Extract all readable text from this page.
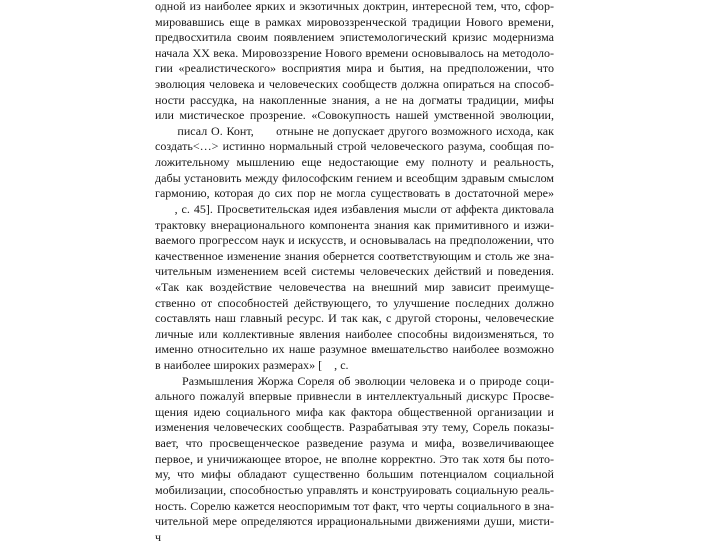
одной из наиболее ярких и экзотичных доктрин, интересной тем, что, сфор-
мировавшись еще в рамках мировоззренческой традиции Нового времени,
предвосхитила своим появлением эпистемологический кризис модернизма
начала XX века. Мировоззрение Нового времени основывалось на методоло-
гии «реалистического» восприятия мира и бытия, на предположении, что
эволюция человека и человеческих сообществ должна опираться на способ-
ности рассудка, на накопленные знания, а не на догматы традиции, мифы
или мистическое прозрение. «Совокупность нашей умственной эволюции,
писал О. Конт,      отныне не допускает другого возможного исхода, как
создать<…> истинно нормальный строй человеческого разума, сообщая по-
ложительному мышлению еще недостающие ему полноту и реальность,
дабы установить между философским гением и всеобщим здравым смыслом
гармонию, которая до сих пор не могла существовать в достаточной мере»
, с. 45]. Просветительская идея избавления мысли от аффекта диктовала
трактовку внерационального компонента знания как примитивного и изжи-
ваемого прогрессом наук и искусств, и основывалась на предположении, что
качественное изменение знания обернется соответствующим и столь же зна-
чительным изменением всей системы человеческих действий и поведения.
«Так как воздействие человечества на внешний мир зависит преимуще-
ственно от способностей действующего, то улучшение последних должно
составлять наш главный ресурс. И так как, с другой стороны, человеческие
личные или коллективные явления наиболее способны видоизменяться, то
именно относительно их наше разумное вмешательство наиболее возможно
в наиболее широких размерах» [    , с.
Размышления Жоржа Сореля об эволюции человека и о природе соци-
ального пожалуй впервые привнесли в интеллектуальный дискурс Просве-
щения идею социального мифа как фактора общественной организации и
изменения человеческих сообществ. Разрабатывая эту тему, Сорель показы-
вает, что просвещенческое разведение разума и мифа, возвеличивающее
первое, и уничижающее второе, не вполне корректно. Это так хотя бы пото-
му, что мифы обладают существенно большим потенциалом социальной
мобилизации, способностью управлять и конструировать социальную реаль-
ность. Сорелю кажется неоспоримым тот факт, что черты социального в зна-
чительной мере определяются иррациональными движениями души, мисти-
ч
